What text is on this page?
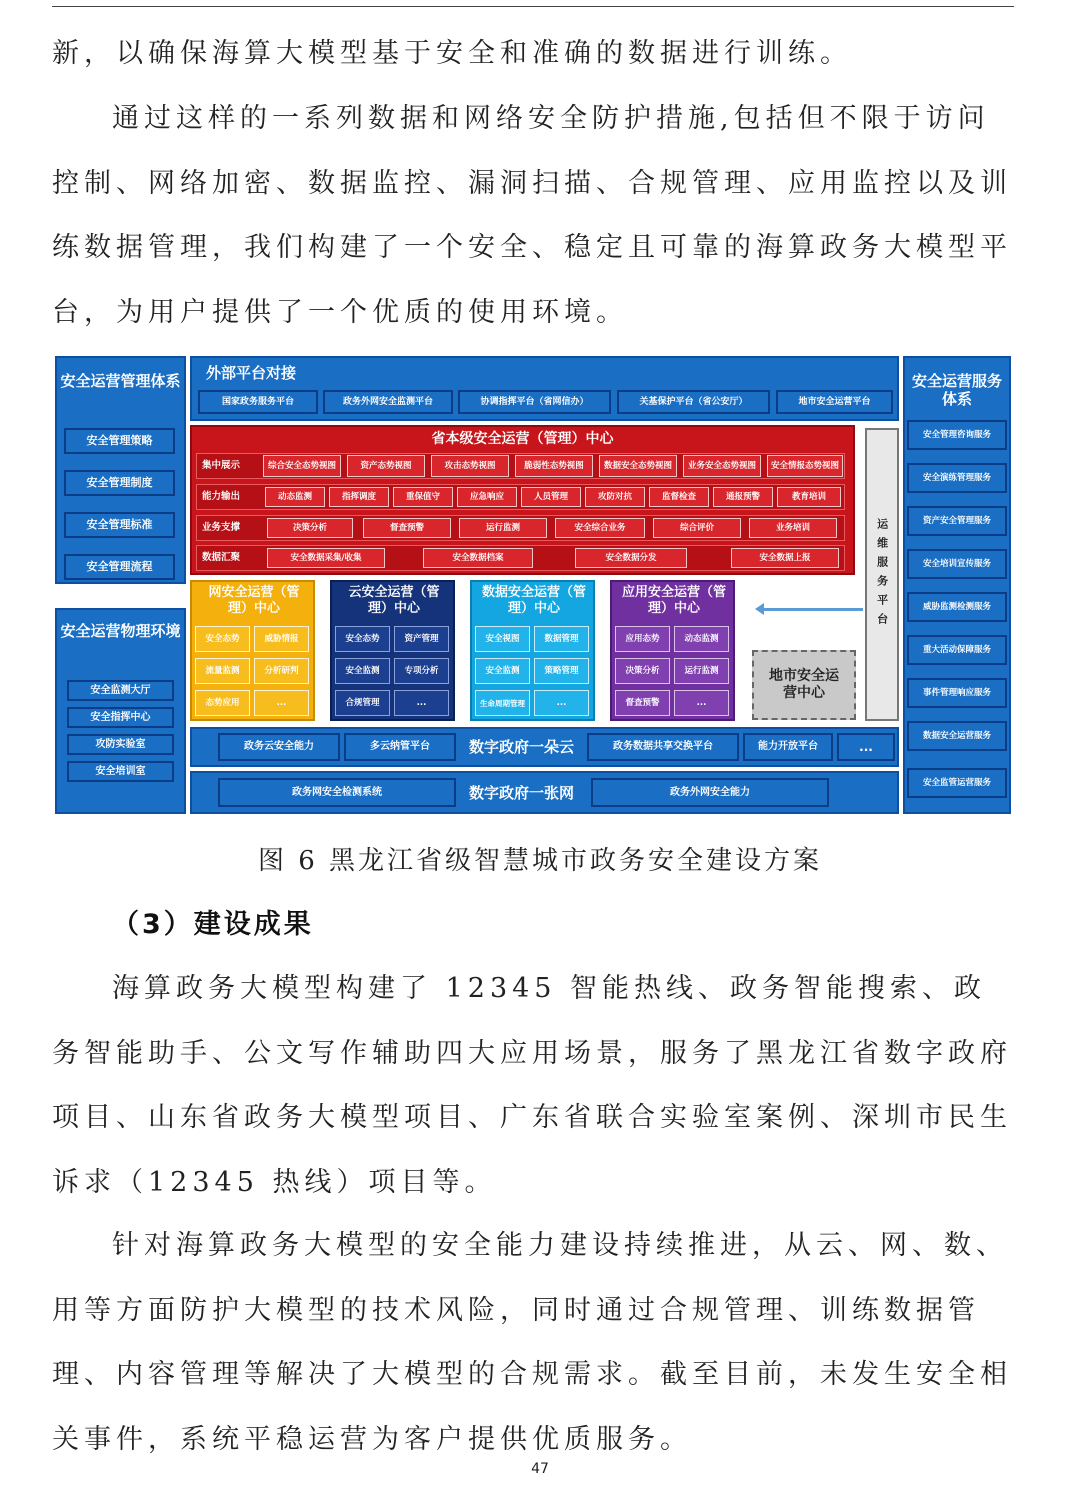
新，以确保海算大模型基于安全和准确的数据进行训练。

通过这样的一系列数据和网络安全防护措施,包括但不限于访问控制、网络加密、数据监控、漏洞扫描、合规管理、应用监控以及训练数据管理，我们构建了一个安全、稳定且可靠的海算政务大模型平台，为用户提供了一个优质的使用环境。

安全运营管理体系
安全管理策略
安全管理制度
安全管理标准
安全管理流程
安全运营物理环境
安全监测大厅
安全指挥中心
攻防实验室
安全培训室
安全运营服务体系
安全管理咨询服务
安全演练管理服务
资产安全管理服务
安全培训宣传服务
威胁监测检测服务
重大活动保障服务
事件管理响应服务
数据安全运营服务
安全监管运营服务
外部平台对接
国家政务服务平台	政务外网安全监测平台	协调指挥平台（省网信办）	关基保护平台（省公安厅）	地市安全运营平台
省本级安全运营（管理）中心
集中展示	综合安全态势视图	资产态势视图	攻击态势视图	脆弱性态势视图	数据安全态势视图	业务安全态势视图	安全情报态势视图
能力输出	动态监测	指挥调度	重保值守	应急响应	人员管理	攻防对抗	监督检查	通报预警	教育培训
业务支撑	决策分析	督查预警	运行监测	安全综合业务	综合评价	业务培训
数据汇聚	安全数据采集/收集	安全数据档案	安全数据分发	安全数据上报	运维服务平台
网安全运营（管理）中心
安全态势	威胁情报
流量监测	分析研判
态势应用	...
云安全运营（管理）中心
安全态势	资产管理
安全监测	专项分析
合规管理	...
数据安全运营（管理）中心
安全视图	数据管理
安全监测	策略管理
生命周期管理	...
应用安全运营（管理）中心
应用态势	动态监测
决策分析	运行监测
督查预警	...
地市安全运营中心
政务云安全能力	多云纳管平台	数字政府一朵云	政务数据共享交换平台	能力开放平台	...
政务网安全检测系统	数字政府一张网	政务外网安全能力
图 6 黑龙江省级智慧城市政务安全建设方案
（3）建设成果

海算政务大模型构建了 12345 智能热线、政务智能搜索、政务智能助手、公文写作辅助四大应用场景，服务了黑龙江省数字政府项目、山东省政务大模型项目、广东省联合实验室案例、深圳市民生诉求（12345 热线）项目等。

针对海算政务大模型的安全能力建设持续推进，从云、网、数、用等方面防护大模型的技术风险，同时通过合规管理、训练数据管理、内容管理等解决了大模型的合规需求。截至目前，未发生安全相关事件，系统平稳运营为客户提供优质服务。

47
